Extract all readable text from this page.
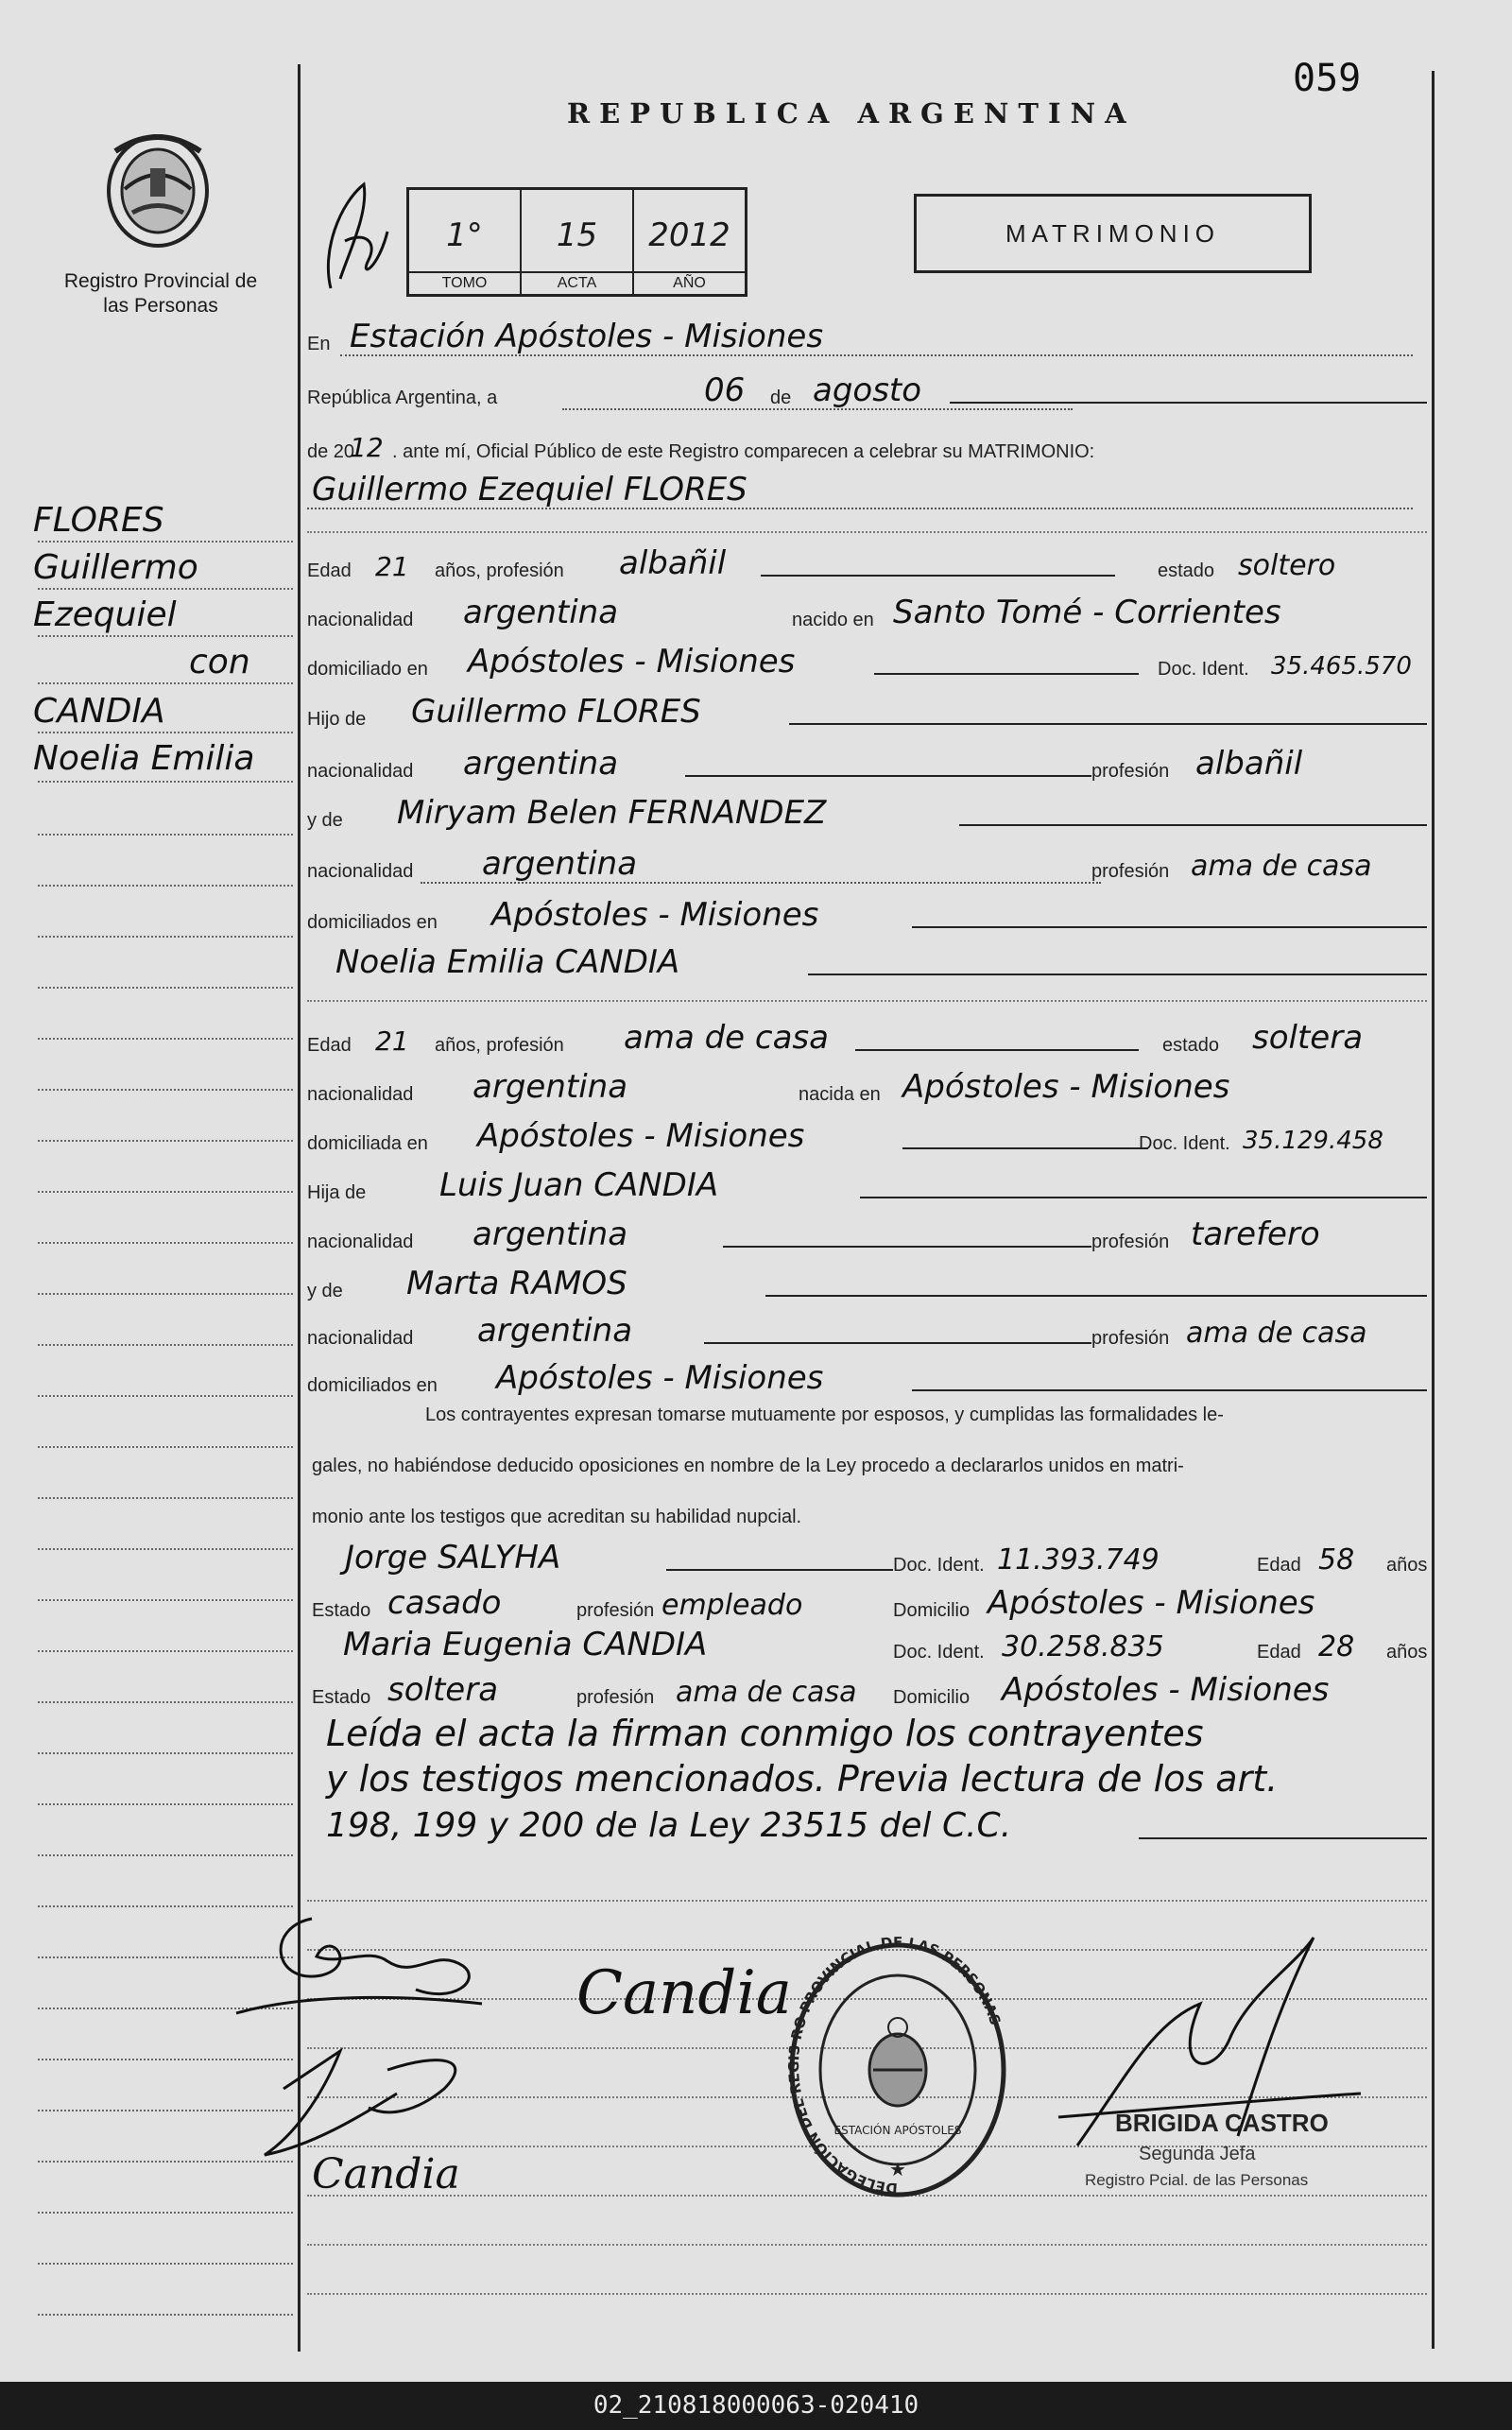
059
REPUBLICA ARGENTINA
Registro Provincial de las Personas
1°
TOMO
15
ACTA
2012
AÑO
MATRIMONIO
FLORES
Guillermo
Ezequiel
con
CANDIA
Noelia Emilia
En Estación Apóstoles - Misiones
República Argentina, a	06 de agosto
de 20
12 . ante mí, Oficial Público de este Registro comparecen a celebrar su MATRIMONIO:
Guillermo Ezequiel FLORES
Edad 21 años, profesión albañil	estado soltero
nacionalidad argentina	nacido en Santo Tomé - Corrientes
domiciliado en Apóstoles - Misiones	Doc. Ident. 35.465.570
Hijo de Guillermo FLORES
nacionalidad argentina	profesión albañil
y de Miryam Belen FERNANDEZ
nacionalidad argentina	profesión ama de casa
domiciliados en Apóstoles - Misiones
Noelia Emilia CANDIA
Edad 21 años, profesión ama de casa	estado soltera
nacionalidad argentina	nacida en Apóstoles - Misiones
domiciliada en Apóstoles - Misiones	Doc. Ident. 35.129.458
Hija de Luis Juan CANDIA
nacionalidad argentina	profesión tarefero
y de Marta RAMOS
nacionalidad argentina	profesión ama de casa
domiciliados en Apóstoles - Misiones
Los contrayentes expresan tomarse mutuamente por esposos, y cumplidas las formalidades le-
gales, no habiéndose deducido oposiciones en nombre de la Ley procedo a declararlos unidos en matri-
monio ante los testigos que acreditan su habilidad nupcial.
Jorge SALYHA	Doc. Ident. 11.393.749	Edad 58 años
Estado casado	profesión empleado	Domicilio Apóstoles - Misiones
Maria Eugenia CANDIA	Doc. Ident. 30.258.835	Edad 28 años
Estado soltera	profesión ama de casa Domicilio Apóstoles - Misiones
Leída el acta la firman conmigo los contrayentes
y los testigos mencionados. Previa lectura de los art.
198, 199 y 200 de la Ley 23515 del C.C.
Candia
Candia
BRIGIDA CASTRO
Segunda Jefa
Registro Pcial. de las Personas
DELEGACIÓN DEL REGIS RO PROVINCIAL DE LAS PERSONAS
ESTACIÓN APÓSTOLES
★
02_210818000063-020410
